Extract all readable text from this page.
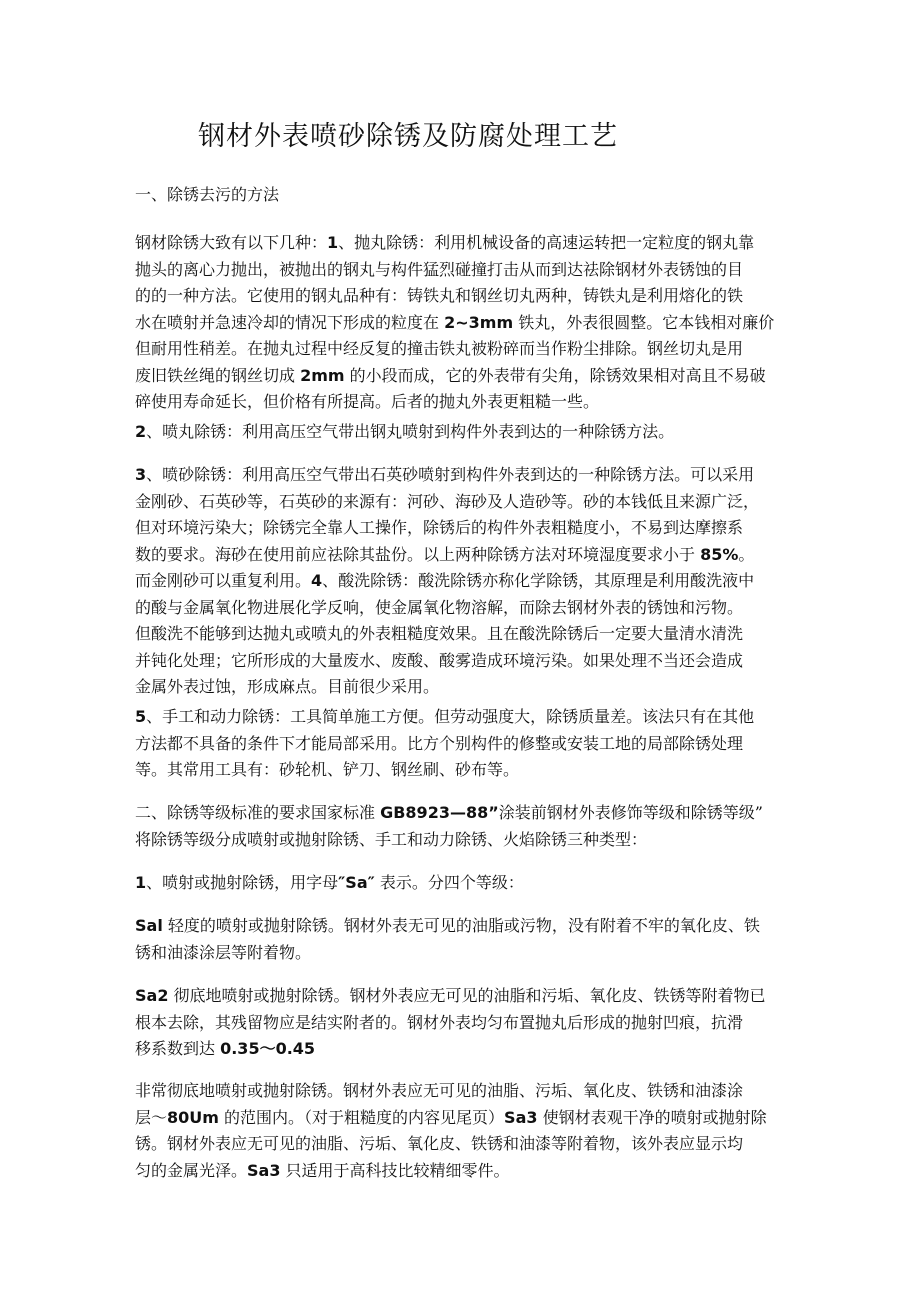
钢材外表喷砂除锈及防腐处理工艺

一、除锈去污的方法

钢材除锈大致有以下几种：1、抛丸除锈：利用机械设备的高速运转把一定粒度的钢丸靠
抛头的离心力抛出，被抛出的钢丸与构件猛烈碰撞打击从而到达祛除钢材外表锈蚀的目
的的一种方法。它使用的钢丸品种有：铸铁丸和钢丝切丸两种，铸铁丸是利用熔化的铁
水在喷射并急速冷却的情况下形成的粒度在 2~3mm 铁丸，外表很圆整。它本钱相对廉价
但耐用性稍差。在抛丸过程中经反复的撞击铁丸被粉碎而当作粉尘排除。钢丝切丸是用
废旧铁丝绳的钢丝切成 2mm 的小段而成，它的外表带有尖角，除锈效果相对高且不易破
碎使用寿命延长，但价格有所提高。后者的抛丸外表更粗糙一些。

2、喷丸除锈：利用高压空气带出钢丸喷射到构件外表到达的一种除锈方法。

3、喷砂除锈：利用高压空气带出石英砂喷射到构件外表到达的一种除锈方法。可以采用
金刚砂、石英砂等，石英砂的来源有：河砂、海砂及人造砂等。砂的本钱低且来源广泛，
但对环境污染大；除锈完全靠人工操作，除锈后的构件外表粗糙度小，不易到达摩擦系
数的要求。海砂在使用前应祛除其盐份。以上两种除锈方法对环境湿度要求小于 85%。
而金刚砂可以重复利用。4、酸洗除锈：酸洗除锈亦称化学除锈，其原理是利用酸洗液中
的酸与金属氧化物进展化学反响，使金属氧化物溶解，而除去钢材外表的锈蚀和污物。
但酸洗不能够到达抛丸或喷丸的外表粗糙度效果。且在酸洗除锈后一定要大量清水清洗
并钝化处理；它所形成的大量废水、废酸、酸雾造成环境污染。如果处理不当还会造成
金属外表过蚀，形成麻点。目前很少采用。

5、手工和动力除锈：工具简单施工方便。但劳动强度大，除锈质量差。该法只有在其他
方法都不具备的条件下才能局部采用。比方个别构件的修整或安装工地的局部除锈处理
等。其常用工具有：砂轮机、铲刀、钢丝刷、砂布等。

二、除锈等级标准的要求国家标准 GB8923—88”涂装前钢材外表修饰等级和除锈等级”
将除锈等级分成喷射或抛射除锈、手工和动力除锈、火焰除锈三种类型：

1、喷射或抛射除锈，用字母″Sa″ 表示。分四个等级：

Sal 轻度的喷射或抛射除锈。钢材外表无可见的油脂或污物，没有附着不牢的氧化皮、铁
锈和油漆涂层等附着物。

Sa2 彻底地喷射或抛射除锈。钢材外表应无可见的油脂和污垢、氧化皮、铁锈等附着物已
根本去除，其残留物应是结实附者的。钢材外表均匀布置抛丸后形成的抛射凹痕，抗滑
移系数到达 0.35～0.45

非常彻底地喷射或抛射除锈。钢材外表应无可见的油脂、污垢、氧化皮、铁锈和油漆涂
层～80Um 的范围内。（对于粗糙度的内容见尾页）Sa3 使钢材表观干净的喷射或抛射除
锈。钢材外表应无可见的油脂、污垢、氧化皮、铁锈和油漆等附着物，该外表应显示均
匀的金属光泽。Sa3 只适用于高科技比较精细零件。
